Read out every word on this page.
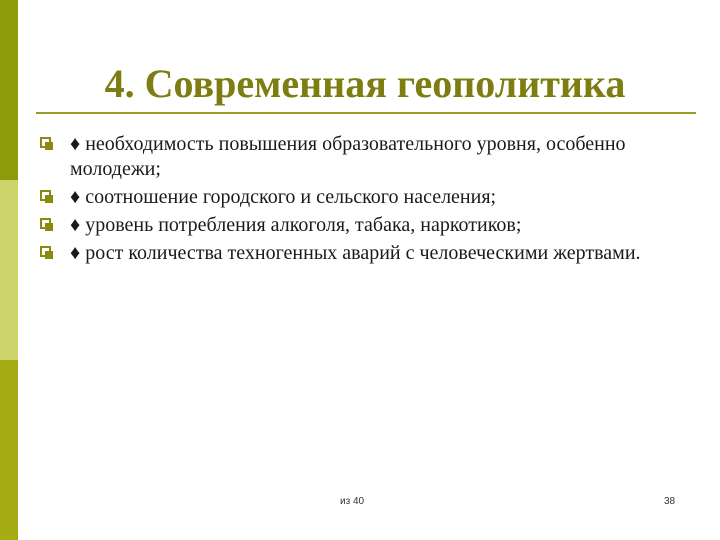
4. Современная геополитика
♦ необходимость повышения образовательного уровня, особенно молодежи;
♦ соотношение городского и сельского населения;
♦ уровень потребления алкоголя, табака, наркотиков;
♦ рост количества техногенных аварий с человеческими жертвами.
из 40	38
